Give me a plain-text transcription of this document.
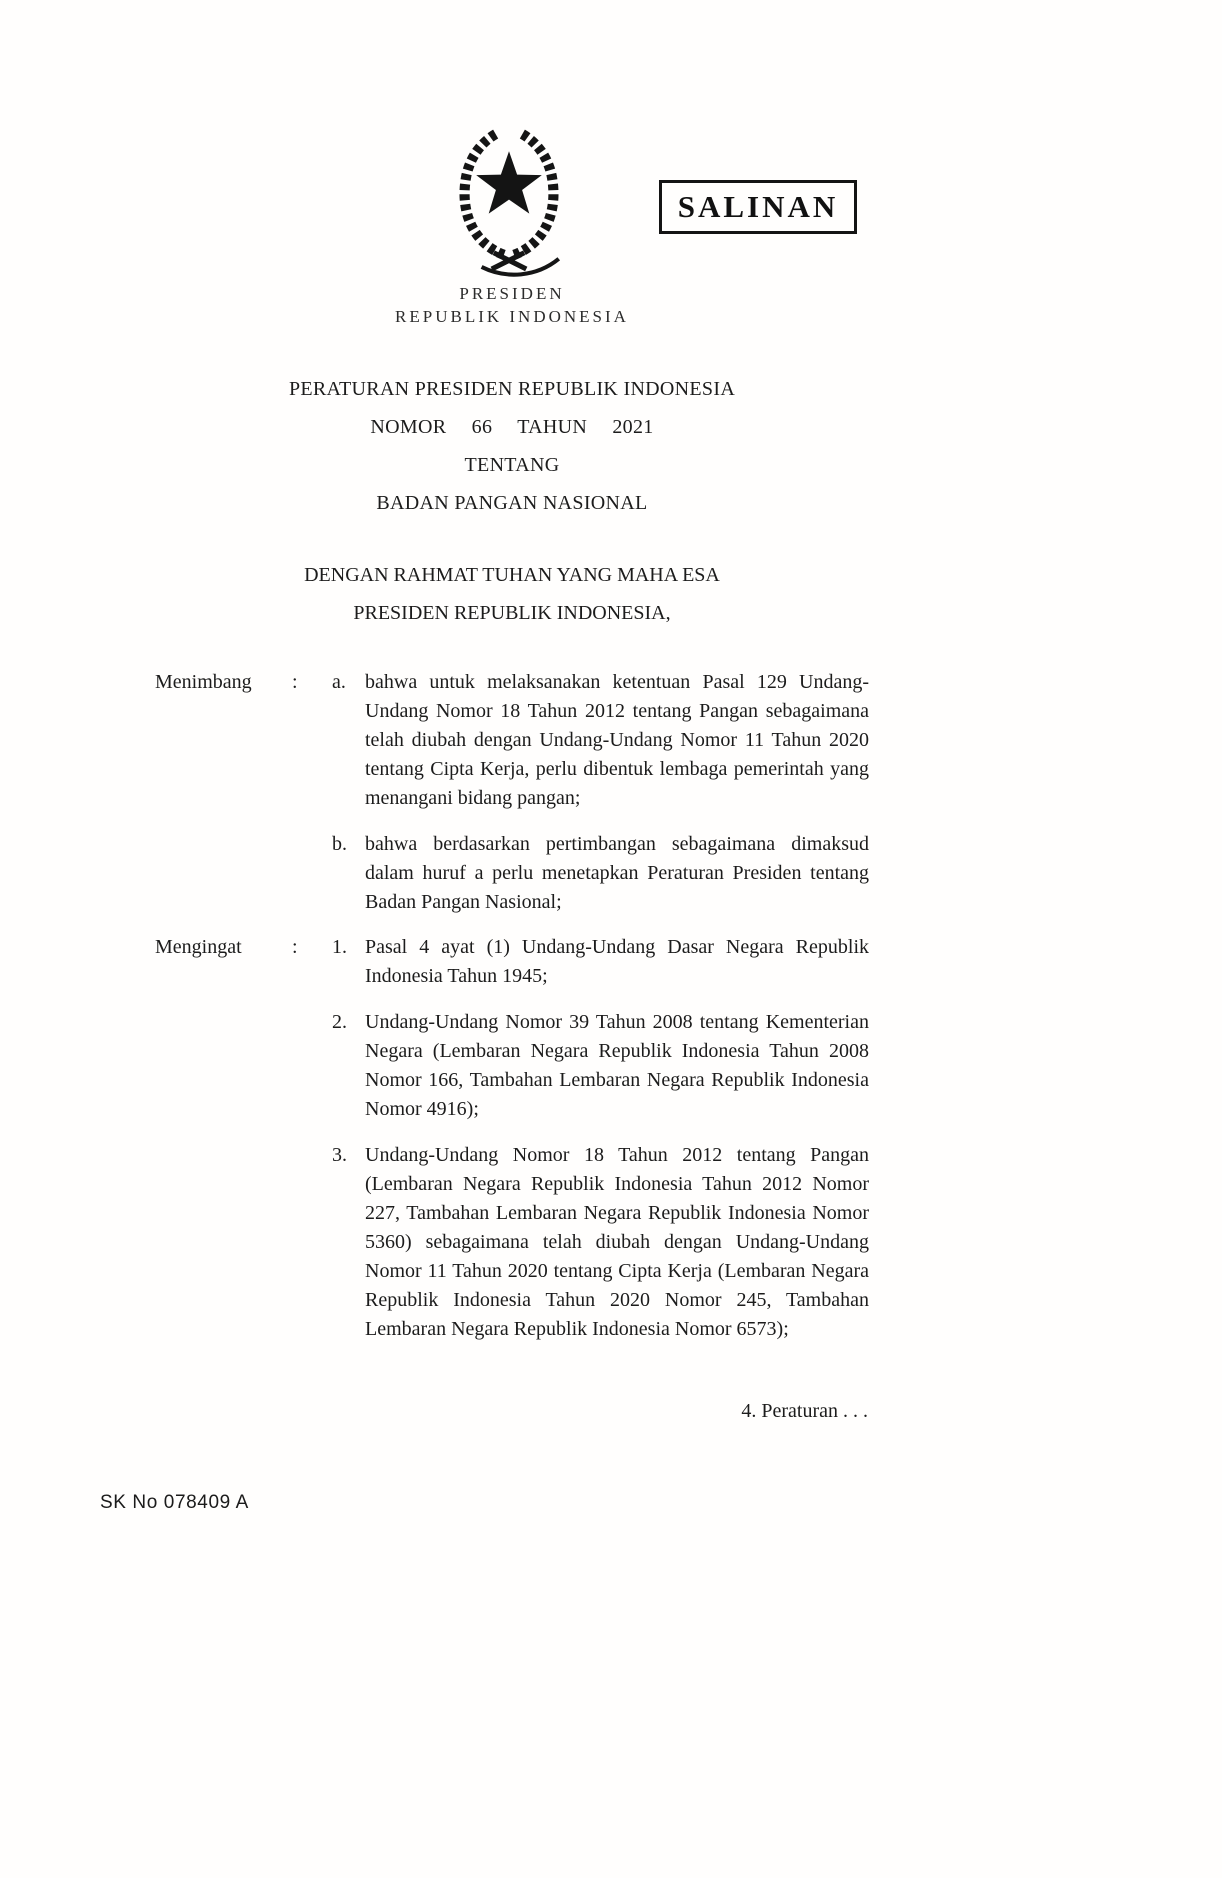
SALINAN
PRESIDEN
REPUBLIK INDONESIA
PERATURAN PRESIDEN REPUBLIK INDONESIA
NOMOR 66 TAHUN 2021
TENTANG
BADAN PANGAN NASIONAL
DENGAN RAHMAT TUHAN YANG MAHA ESA
PRESIDEN REPUBLIK INDONESIA,
Menimbang	:	a. bahwa untuk melaksanakan ketentuan Pasal 129 Undang-Undang Nomor 18 Tahun 2012 tentang Pangan sebagaimana telah diubah dengan Undang-Undang Nomor 11 Tahun 2020 tentang Cipta Kerja, perlu dibentuk lembaga pemerintah yang menangani bidang pangan;
b. bahwa berdasarkan pertimbangan sebagaimana dimaksud dalam huruf a perlu menetapkan Peraturan Presiden tentang Badan Pangan Nasional;
Mengingat	:	1. Pasal 4 ayat (1) Undang-Undang Dasar Negara Republik Indonesia Tahun 1945;
2. Undang-Undang Nomor 39 Tahun 2008 tentang Kementerian Negara (Lembaran Negara Republik Indonesia Tahun 2008 Nomor 166, Tambahan Lembaran Negara Republik Indonesia Nomor 4916);
3. Undang-Undang Nomor 18 Tahun 2012 tentang Pangan (Lembaran Negara Republik Indonesia Tahun 2012 Nomor 227, Tambahan Lembaran Negara Republik Indonesia Nomor 5360) sebagaimana telah diubah dengan Undang-Undang Nomor 11 Tahun 2020 tentang Cipta Kerja (Lembaran Negara Republik Indonesia Tahun 2020 Nomor 245, Tambahan Lembaran Negara Republik Indonesia Nomor 6573);
4. Peraturan . . .
SK No 078409 A
